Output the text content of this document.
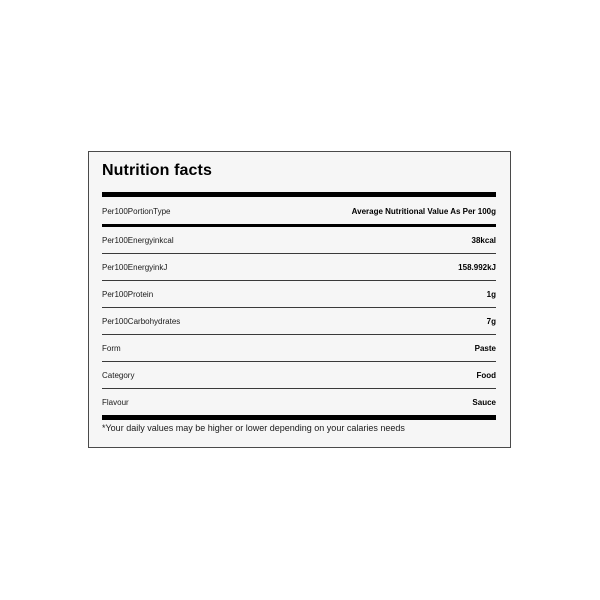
Nutrition facts
Per100PortionType	Average Nutritional Value As Per 100g
Per100Energyinkcal	38kcal
Per100EnergyinkJ	158.992kJ
Per100Protein	1g
Per100Carbohydrates	7g
Form	Paste
Category	Food
Flavour	Sauce
*Your daily values may be higher or lower depending on your calaries needs
